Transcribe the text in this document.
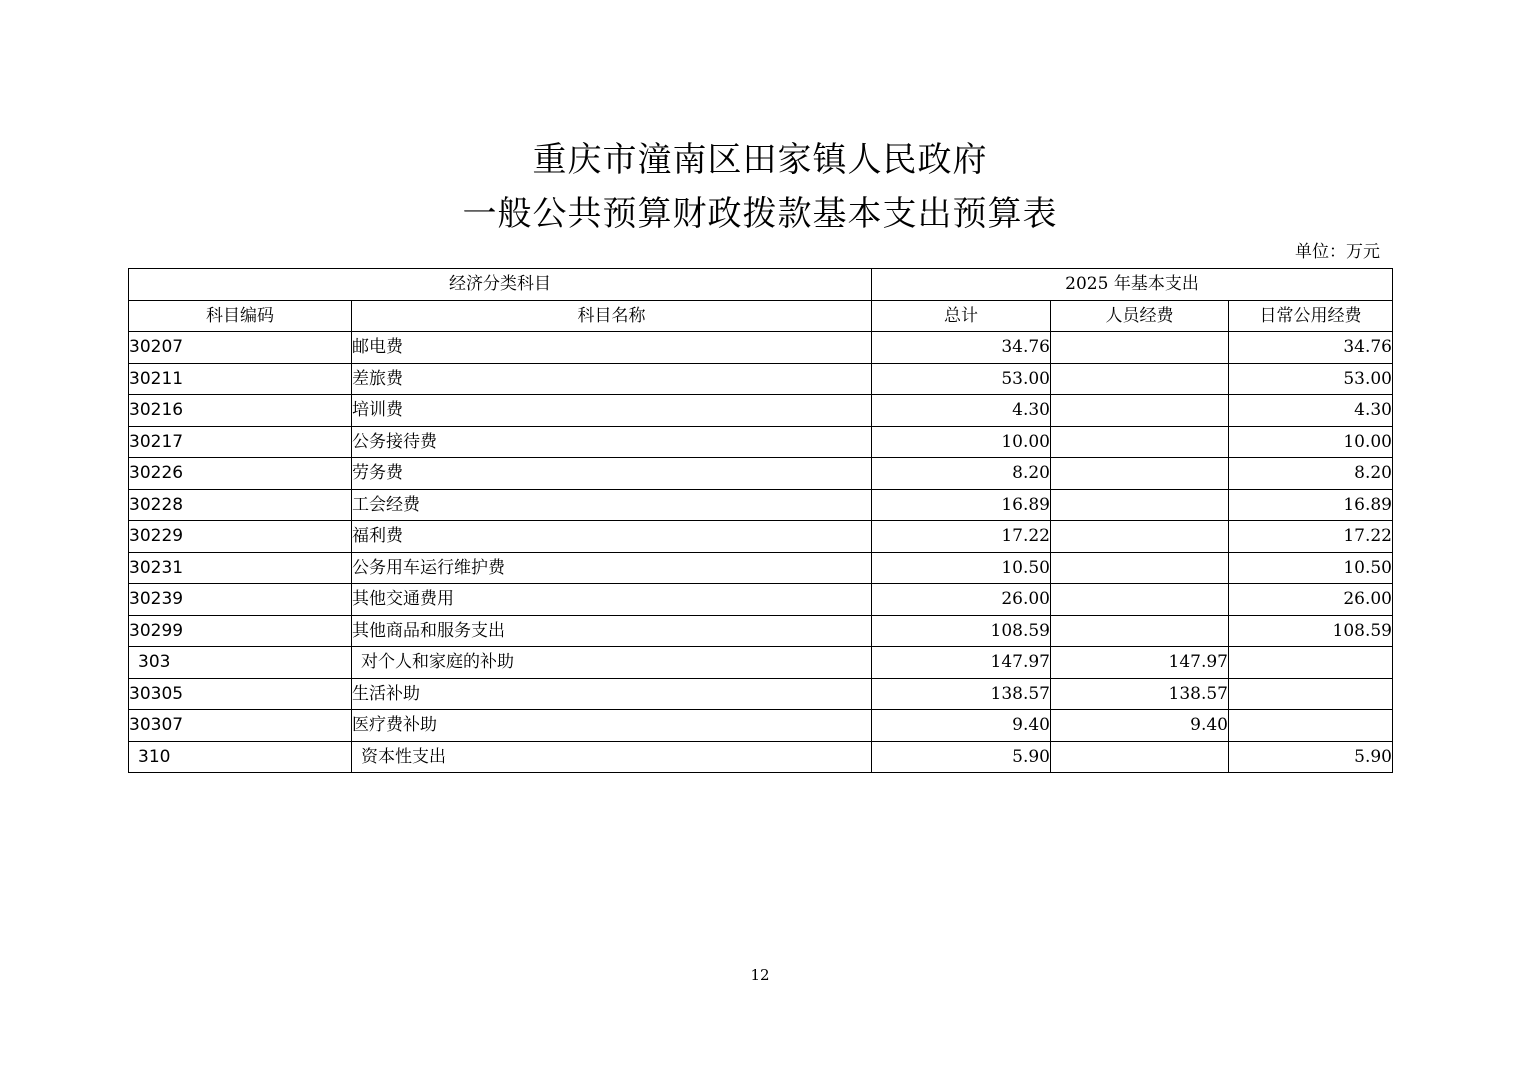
重庆市潼南区田家镇人民政府
一般公共预算财政拨款基本支出预算表
单位：万元
经济分类科目		2025 年基本支出		
科目编码	科目名称	总计	人员经费	日常公用经费
30207	邮电费	34.76		34.76
30211	差旅费	53.00		53.00
30216	培训费	4.30		4.30
30217	公务接待费	10.00		10.00
30226	劳务费	8.20		8.20
30228	工会经费	16.89		16.89
30229	福利费	17.22		17.22
30231	公务用车运行维护费	10.50		10.50
30239	其他交通费用	26.00		26.00
30299	其他商品和服务支出	108.59		108.59
303	对个人和家庭的补助	147.97	147.97	
30305	生活补助	138.57	138.57	
30307	医疗费补助	9.40	9.40	
310	资本性支出	5.90		5.90
12
